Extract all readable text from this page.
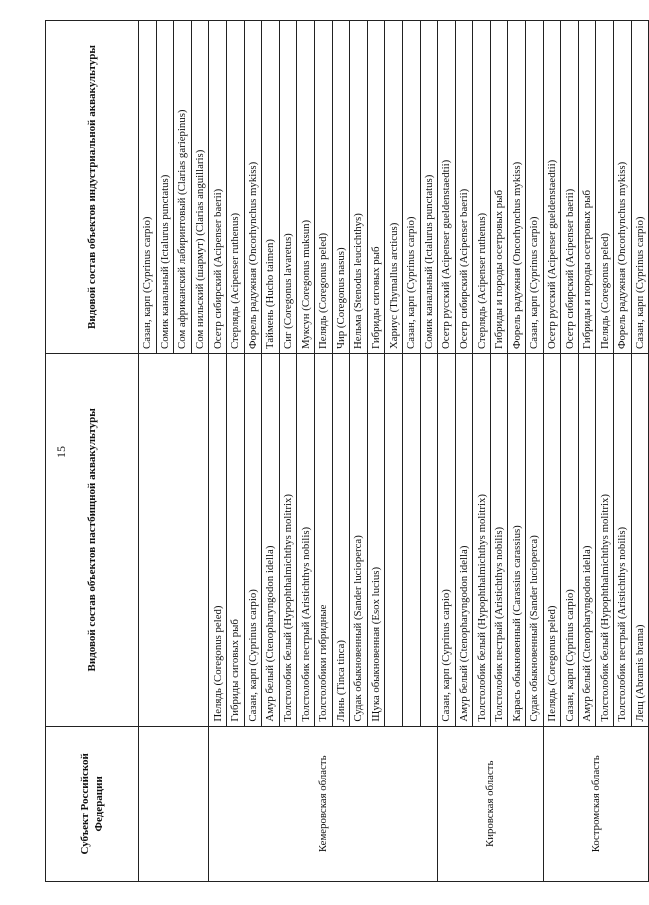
15
Субъект Российской Федерации	Видовой состав объектов пастбищной аквакультуры	Видовой состав объектов индустриальной аквакультуры
		Сазан, карп (Cyprinus carpio)
		Сомик канальный (Ictalurus punctatus)
		Сом африканский лабиринтовый (Clarias gariepinus)
		Сом нильский (шармут) (Clarias anguillaris)
Кемеровская область	Пелядь (Coregonus peled)	Осетр сибирский (Acipenser baerii)
	Гибриды сиговых рыб	Стерлядь (Acipenser ruthenus)
	Сазан, карп (Cyprinus carpio)	Форель радужная (Oncorhynchus mykiss)
	Амур белый (Ctenopharyngodon idella)	Таймень (Hucho taimen)
	Толстолобик белый (Hypophthalmichthys molitrix)	Сиг (Coregonus lavaretus)
	Толстолобик пестрый (Aristichthys nobilis)	Муксун (Coregonus muksun)
	Толстолобики гибридные	Пелядь (Coregonus peled)
	Линь (Tinca tinca)	Чир (Coregonus nasus)
	Судак обыкновенный (Sander lucioperca)	Нельма (Stenodus leucichthys)
	Щука обыкновенная (Esox lucius)	Гибриды сиговых рыб
		Хариус (Thymallus arcticus)
		Сазан, карп (Cyprinus carpio)
		Сомик канальный (Ictalurus punctatus)
Кировская область	Сазан, карп (Cyprinus carpio)	Осетр русский (Acipenser gueldenstaedtii)
	Амур белый (Ctenopharyngodon idella)	Осетр сибирский (Acipenser baerii)
	Толстолобик белый (Hypophthalmichthys molitrix)	Стерлядь (Acipenser ruthenus)
	Толстолобик пестрый (Aristichthys nobilis)	Гибриды и породы осетровых рыб
	Карась обыкновенный (Carassius carassius)	Форель радужная (Oncorhynchus mykiss)
	Судак обыкновенный (Sander lucioperca)	Сазан, карп (Cyprinus carpio)
Костромская область	Пелядь (Coregonus peled)	Осетр русский (Acipenser gueldenstaedtii)
	Сазан, карп (Cyprinus carpio)	Осетр сибирский (Acipenser baerii)
	Амур белый (Ctenopharyngodon idella)	Гибриды и породы осетровых рыб
	Толстолобик белый (Hypophthalmichthys molitrix)	Пелядь (Coregonus peled)
	Толстолобик пестрый (Aristichthys nobilis)	Форель радужная (Oncorhynchus mykiss)
	Лещ (Abramis brama)	Сазан, карп (Cyprinus carpio)
